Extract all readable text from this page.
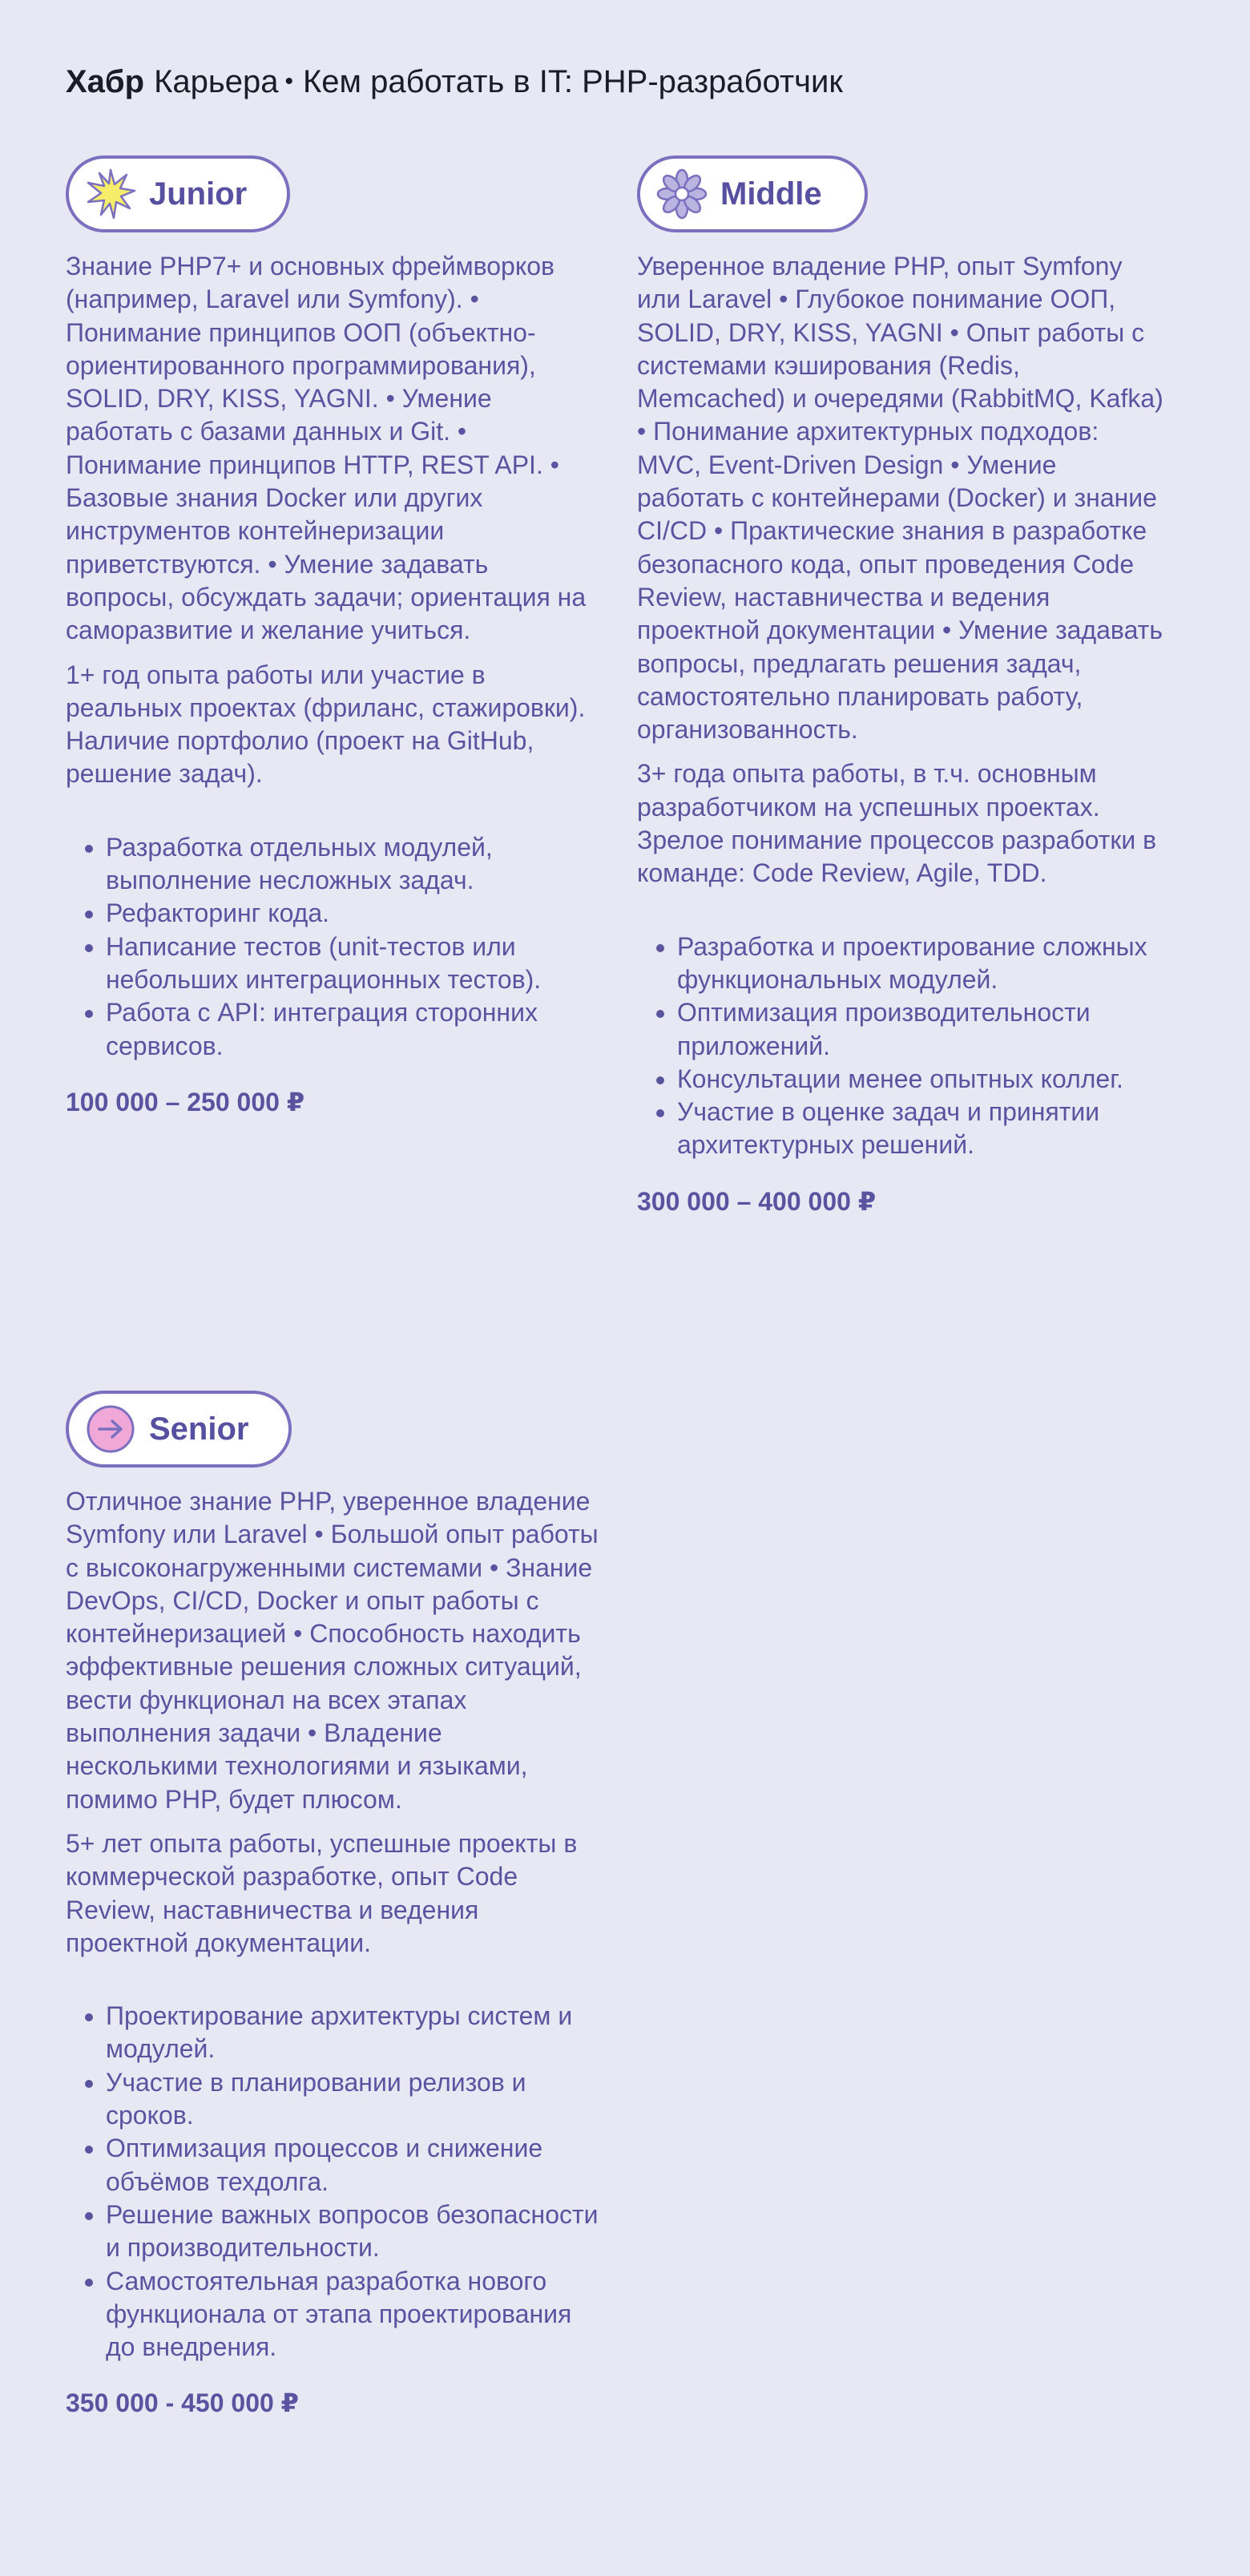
Хабр Карьера • Кем работать в IT: PHP-разработчик
Junior

Знание PHP7+ и основных фреймворков (например, Laravel или Symfony). • Понимание принципов ООП (объектно-ориентированного программирования), SOLID, DRY, KISS, YAGNI. • Умение работать с базами данных и Git. • Понимание принципов HTTP, REST API. • Базовые знания Docker или других инструментов контейнеризации приветствуются. • Умение задавать вопросы, обсуждать задачи; ориентация на саморазвитие и желание учиться.

1+ год опыта работы или участие в реальных проектах (фриланс, стажировки). Наличие портфолио (проект на GitHub, решение задач).

• Разработка отдельных модулей, выполнение несложных задач.
• Рефакторинг кода.
• Написание тестов (unit-тестов или небольших интеграционных тестов).
• Работа с API: интеграция сторонних сервисов.
100 000 – 250 000 ₽
Middle

Уверенное владение PHP, опыт Symfony или Laravel • Глубокое понимание ООП, SOLID, DRY, KISS, YAGNI • Опыт работы с системами кэширования (Redis, Memcached) и очередями (RabbitMQ, Kafka) • Понимание архитектурных подходов: MVC, Event-Driven Design • Умение работать с контейнерами (Docker) и знание CI/CD • Практические знания в разработке безопасного кода, опыт проведения Code Review, наставничества и ведения проектной документации • Умение задавать вопросы, предлагать решения задач, самостоятельно планировать работу, организованность.

3+ года опыта работы, в т.ч. основным разработчиком на успешных проектах. Зрелое понимание процессов разработки в команде: Code Review, Agile, TDD.

• Разработка и проектирование сложных функциональных модулей.
• Оптимизация производительности приложений.
• Консультации менее опытных коллег.
• Участие в оценке задач и принятии архитектурных решений.
300 000 – 400 000 ₽
Senior

Отличное знание PHP, уверенное владение Symfony или Laravel • Большой опыт работы с высоконагруженными системами • Знание DevOps, CI/CD, Docker и опыт работы с контейнеризацией • Способность находить эффективные решения сложных ситуаций, вести функционал на всех этапах выполнения задачи • Владение несколькими технологиями и языками, помимо PHP, будет плюсом.

5+ лет опыта работы, успешные проекты в коммерческой разработке, опыт Code Review, наставничества и ведения проектной документации.

• Проектирование архитектуры систем и модулей.
• Участие в планировании релизов и сроков.
• Оптимизация процессов и снижение объёмов техдолга.
• Решение важных вопросов безопасности и производительности.
• Самостоятельная разработка нового функционала от этапа проектирования до внедрения.
350 000 - 450 000 ₽
